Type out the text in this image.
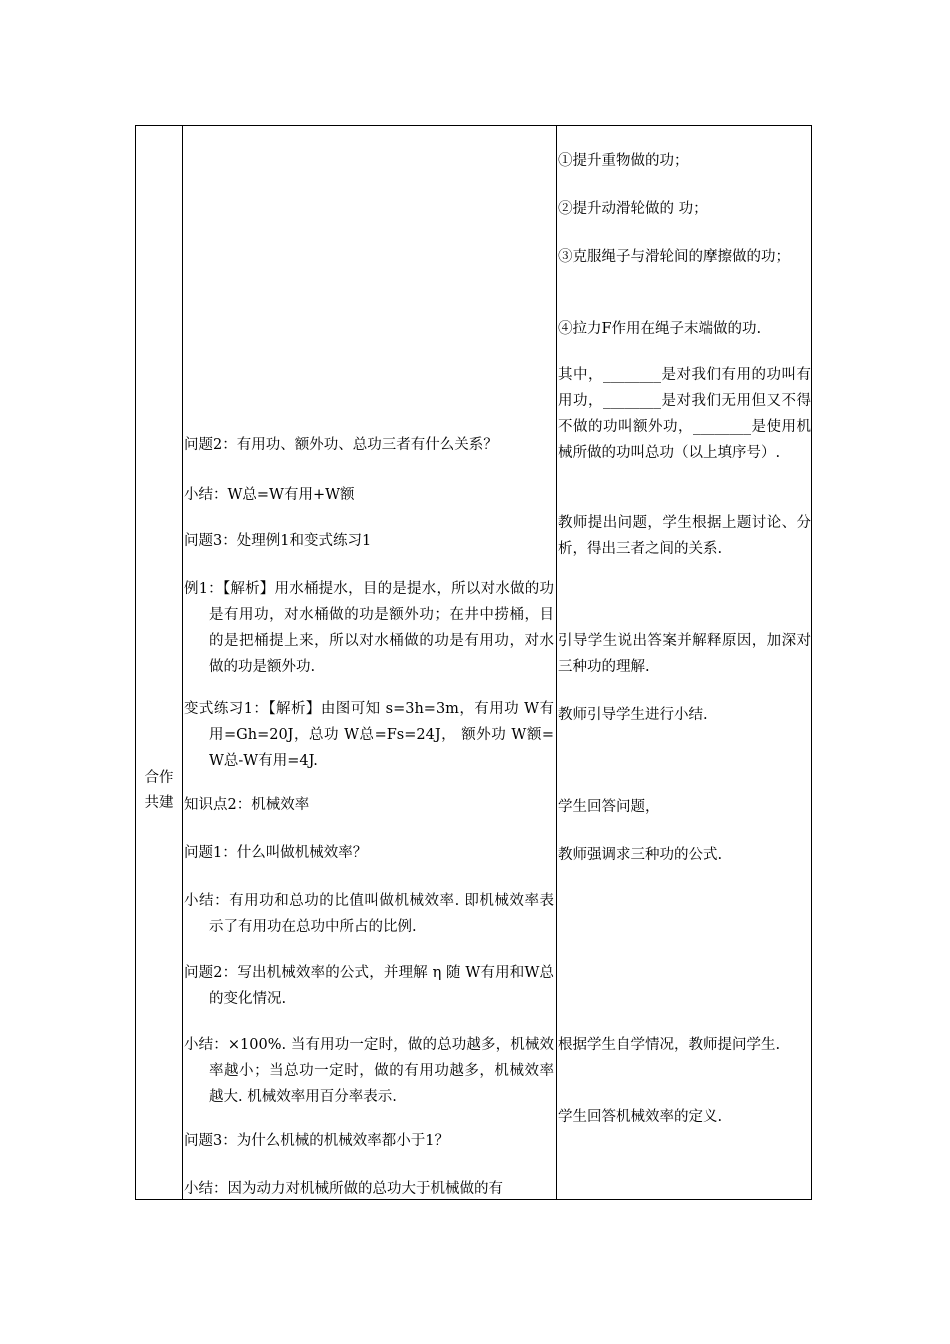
合作
共建

问题2：有用功、额外功、总功三者有什么关系？

小结：W总=W有用+W额

问题3：处理例1和变式练习1

例1：【解析】用水桶提水，目的是提水，所以对水做的功是有用功，对水桶做的功是额外功；在井中捞桶，目的是把桶提上来，所以对水桶做的功是有用功，对水做的功是额外功.

变式练习1：【解析】由图可知 s=3h=3m，有用功 W有用=Gh=20J，总功 W总=Fs=24J， 额外功 W额=W总-W有用=4J.

知识点2：机械效率

问题1：什么叫做机械效率？

小结：有用功和总功的比值叫做机械效率. 即机械效率表示了有用功在总功中所占的比例.

问题2：写出机械效率的公式，并理解 η 随 W有用和W总的变化情况.

小结：×100%. 当有用功一定时，做的总功越多，机械效率越小；当总功一定时，做的有用功越多，机械效率越大. 机械效率用百分率表示.

问题3：为什么机械的机械效率都小于1？

小结：因为动力对机械所做的总功大于机械做的有

①提升重物做的功；

②提升动滑轮做的 功；

③克服绳子与滑轮间的摩擦做的功；

④拉力F作用在绳子末端做的功.

其中，________是对我们有用的功叫有用功，________是对我们无用但又不得不做的功叫额外功，________是使用机械所做的功叫总功（以上填序号）.

教师提出问题，学生根据上题讨论、分析，得出三者之间的关系.

引导学生说出答案并解释原因，加深对三种功的理解.

教师引导学生进行小结.

学生回答问题，

教师强调求三种功的公式.

根据学生自学情况，教师提问学生.

学生回答机械效率的定义.
